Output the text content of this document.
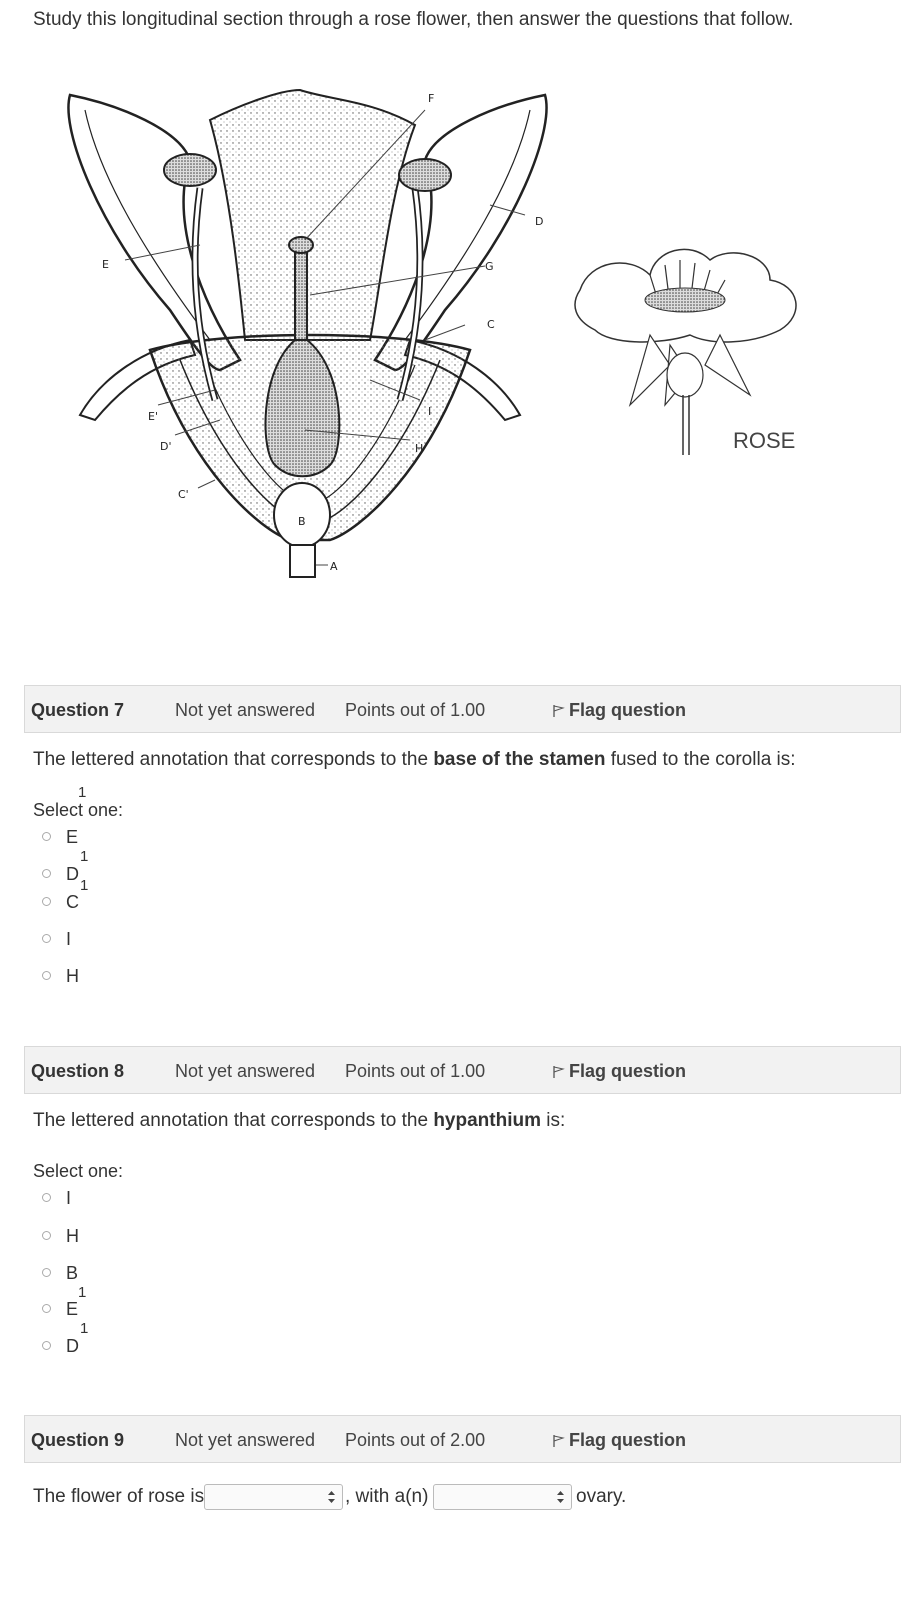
Study this longitudinal section through a rose flower, then answer the questions that follow.
E
F
G
C
D
I
H
E'
D'
C'
B
A
ROSE
Question 7	Not yet answered Points out of 1.00	Flag question
The lettered annotation that corresponds to the base of the stamen fused to the corolla is:
Select one:
1
E
1
D
1
C
I
H
Question 8	Not yet answered Points out of 1.00	Flag question
The lettered annotation that corresponds to the hypanthium is:
Select one:
I
H
B
1
E
1
D
Question 9	Not yet answered Points out of 2.00	Flag question
The flower of rose is	, with a(n)	ovary.
